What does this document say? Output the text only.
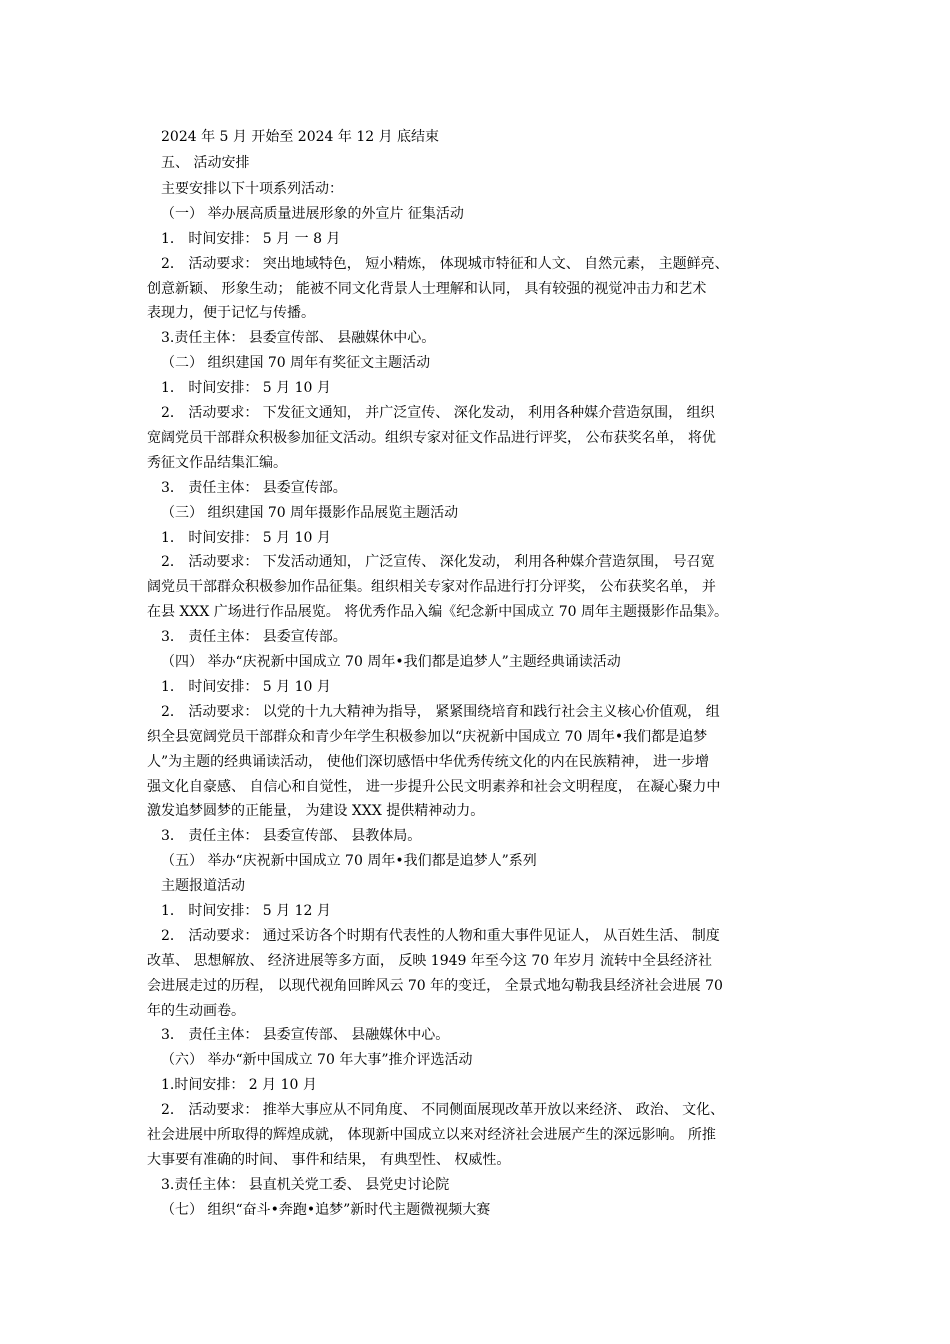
2024 年 5 月 开始至 2024 年 12 月 底结束
五、 活动安排
主要安排以下十项系列活动：
（一） 举办展高质量进展形象的外宣片 征集活动
1． 时间安排： 5 月 一 8 月
2． 活动要求： 突出地域特色， 短小精炼， 体现城市特征和人文、 自然元素， 主题鲜亮、
创意新颖、 形象生动； 能被不同文化背景人士理解和认同， 具有较强的视觉冲击力和艺术
表现力，便于记忆与传播。
3.责任主体： 县委宣传部、 县融媒休中心。
（二） 组织建国 70 周年有奖征文主题活动
1． 时间安排： 5 月 10 月
2． 活动要求： 下发征文通知， 并广泛宣传、 深化发动， 利用各种媒介营造氛围， 组织
宽阔党员干部群众积极参加征文活动。组织专家对征文作品进行评奖， 公布获奖名单， 将优
秀征文作品结集汇编。
3． 责任主体： 县委宣传部。
（三） 组织建国 70 周年摄影作品展览主题活动
1． 时间安排： 5 月 10 月
2． 活动要求： 下发活动通知， 广泛宣传、 深化发动， 利用各种媒介营造氛围， 号召宽
阔党员干部群众积极参加作品征集。组织相关专家对作品进行打分评奖， 公布获奖名单， 并
在县 XXX 广场进行作品展览。 将优秀作品入编《纪念新中国成立 70 周年主题摄影作品集》。
3． 责任主体： 县委宣传部。
（四） 举办“庆祝新中国成立 70 周年•我们都是追梦人”主题经典诵读活动
1． 时间安排： 5 月 10 月
2． 活动要求： 以党的十九大精神为指导， 紧紧围绕培育和践行社会主义核心价值观， 组
织全县宽阔党员干部群众和青少年学生积极参加以“庆祝新中国成立 70 周年•我们都是追梦
人”为主题的经典诵读活动， 使他们深切感悟中华优秀传统文化的内在民族精神， 进一步增
强文化自豪感、 自信心和自觉性， 进一步提升公民文明素养和社会文明程度， 在凝心聚力中
激发追梦圆梦的正能量， 为建设 XXX 提供精神动力。
3． 责任主体： 县委宣传部、 县教体局。
（五） 举办“庆祝新中国成立 70 周年•我们都是追梦人”系列
主题报道活动
1． 时间安排： 5 月 12 月
2． 活动要求： 通过采访各个时期有代表性的人物和重大事件见证人， 从百姓生活、 制度
改革、 思想解放、 经济进展等多方面， 反映 1949 年至今这 70 年岁月 流转中全县经济社
会进展走过的历程， 以现代视角回眸风云 70 年的变迁， 全景式地勾勒我县经济社会进展 70
年的生动画卷。
3． 责任主体： 县委宣传部、 县融媒休中心。
（六） 举办“新中国成立 70 年大事”推介评选活动
1.时间安排： 2 月 10 月
2． 活动要求： 推举大事应从不同角度、 不同侧面展现改革开放以来经济、 政治、 文化、
社会进展中所取得的辉煌成就， 体现新中国成立以来对经济社会进展产生的深远影响。 所推
大事要有准确的时间、 事件和结果， 有典型性、 权威性。
3.责任主体： 县直机关党工委、 县党史讨论院
（七） 组织“奋斗•奔跑•追梦”新时代主题微视频大赛
